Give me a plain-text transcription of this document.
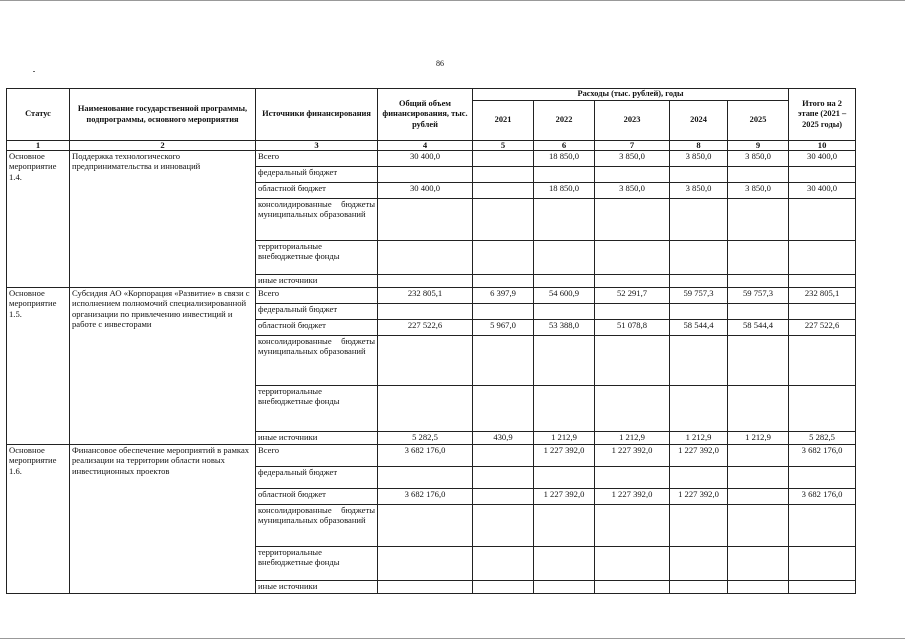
86
Статус	Наименование государственной программы, подпрограммы, основного мероприятия	Источники финансирования	Общий объем финансирования, тыс. рублей	Расходы (тыс. рублей), годы					Итого на 2 этапе (2021 – 2025 годы)
				2021	2022	2023	2024	2025	
1	2	3	4	5	6	7	8	9	10
Основное мероприятие 1.4.	Поддержка технологического предпринимательства и инноваций	Всего	30 400,0		18 850,0	3 850,0	3 850,0	3 850,0	30 400,0
		федеральный бюджет							
		областной бюджет	30 400,0		18 850,0	3 850,0	3 850,0	3 850,0	30 400,0
		консолидированные бюджеты муниципальных образований							
		территориальные внебюджетные фонды							
		иные источники							
Основное мероприятие 1.5.	Субсидия АО «Корпорация «Развитие» в связи с исполнением полномочий специализированной организации по привлечению инвестиций и работе с инвесторами	Всего	232 805,1	6 397,9	54 600,9	52 291,7	59 757,3	59 757,3	232 805,1
		федеральный бюджет							
		областной бюджет	227 522,6	5 967,0	53 388,0	51 078,8	58 544,4	58 544,4	227 522,6
		консолидированные бюджеты муниципальных образований							
		территориальные внебюджетные фонды							
		иные источники	5 282,5	430,9	1 212,9	1 212,9	1 212,9	1 212,9	5 282,5
Основное мероприятие 1.6.	Финансовое обеспечение мероприятий в рамках реализации на территории области новых инвестиционных проектов	Всего	3 682 176,0		1 227 392,0	1 227 392,0	1 227 392,0		3 682 176,0
		федеральный бюджет							
		областной бюджет	3 682 176,0		1 227 392,0	1 227 392,0	1 227 392,0		3 682 176,0
		консолидированные бюджеты муниципальных образований							
		территориальные внебюджетные фонды							
		иные источники							
